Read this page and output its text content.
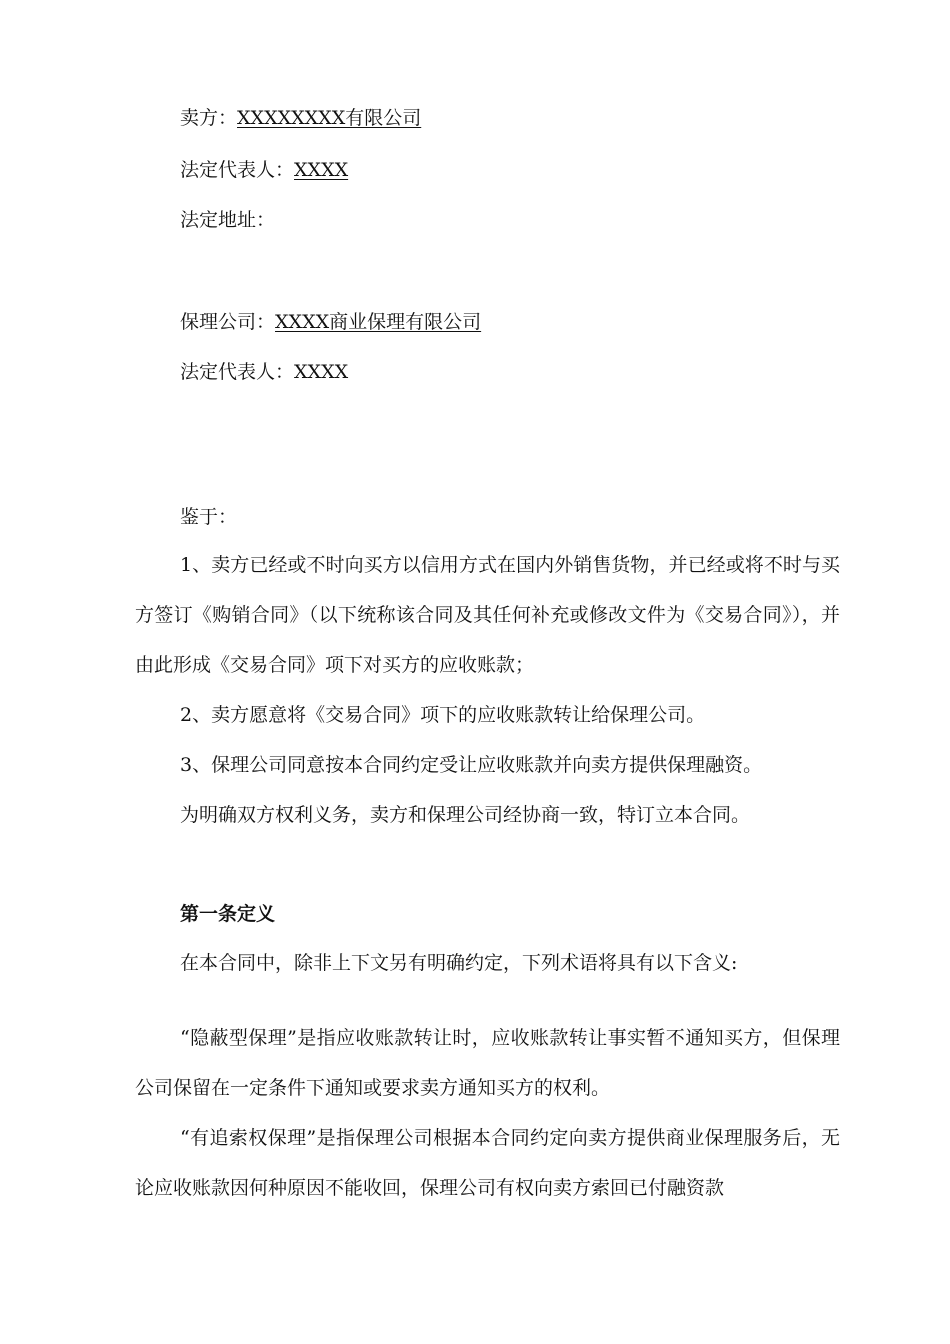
卖方：XXXXXXXX有限公司
法定代表人：XXXX
法定地址：
保理公司：XXXX商业保理有限公司
法定代表人：XXXX
鉴于：
1、卖方已经或不时向买方以信用方式在国内外销售货物，并已经或将不时与买方签订《购销合同》（以下统称该合同及其任何补充或修改文件为《交易合同》），并由此形成《交易合同》项下对买方的应收账款；
2、卖方愿意将《交易合同》项下的应收账款转让给保理公司。
3、保理公司同意按本合同约定受让应收账款并向卖方提供保理融资。
为明确双方权利义务，卖方和保理公司经协商一致，特订立本合同。
第一条定义
在本合同中，除非上下文另有明确约定，下列术语将具有以下含义:
“隐蔽型保理”是指应收账款转让时，应收账款转让事实暂不通知买方，但保理公司保留在一定条件下通知或要求卖方通知买方的权利。
“有追索权保理”是指保理公司根据本合同约定向卖方提供商业保理服务后，无论应收账款因何种原因不能收回，保理公司有权向卖方索回已付融资款
